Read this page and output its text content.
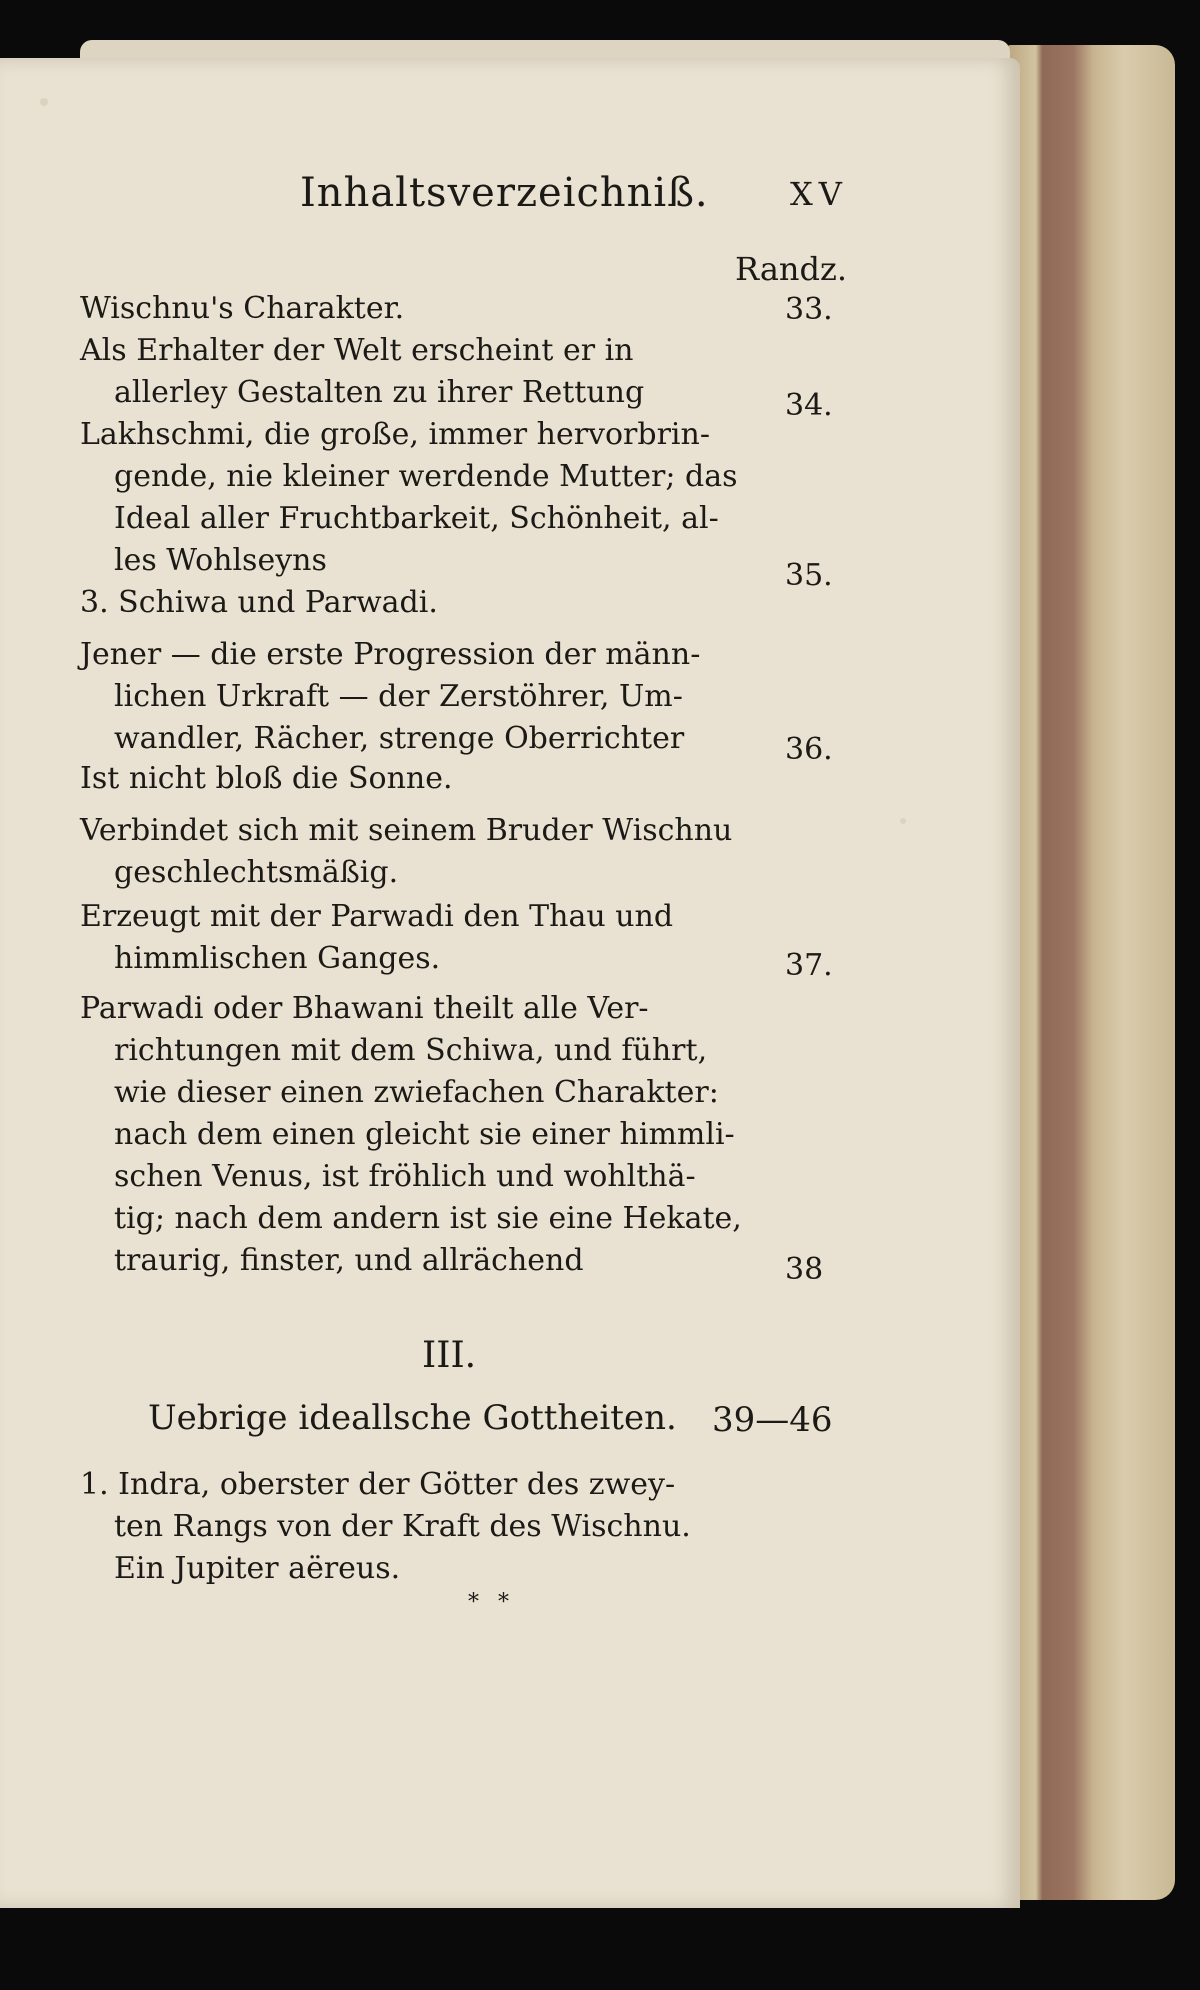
Inhaltsverzeichniß.	XV
Randz.
Wischnu's Charakter.	33.
Als Erhalter der Welt erscheint er in
allerley Gestalten zu ihrer Rettung	34.
Lakhschmi, die große, immer hervorbrin-
gende, nie kleiner werdende Mutter; das
Ideal aller Fruchtbarkeit, Schönheit, al-
les Wohlseyns	35.
3. Schiwa und Parwadi.
Jener — die erste Progression der männ-
lichen Urkraft — der Zerstöhrer, Um-
wandler, Rächer, strenge Oberrichter	36.
Ist nicht bloß die Sonne.
Verbindet sich mit seinem Bruder Wischnu
geschlechtsmäßig.
Erzeugt mit der Parwadi den Thau und
himmlischen Ganges.	37.
Parwadi oder Bhawani theilt alle Ver-
richtungen mit dem Schiwa, und führt,
wie dieser einen zwiefachen Charakter:
nach dem einen gleicht sie einer himmli-
schen Venus, ist fröhlich und wohlthä-
tig; nach dem andern ist sie eine Hekate,
traurig, finster, und allrächend	38
III.
Uebrige ideallsche Gottheiten. 39—46
1. Indra, oberster der Götter des zwey-
ten Rangs von der Kraft des Wischnu.
Ein Jupiter aëreus.
* *
